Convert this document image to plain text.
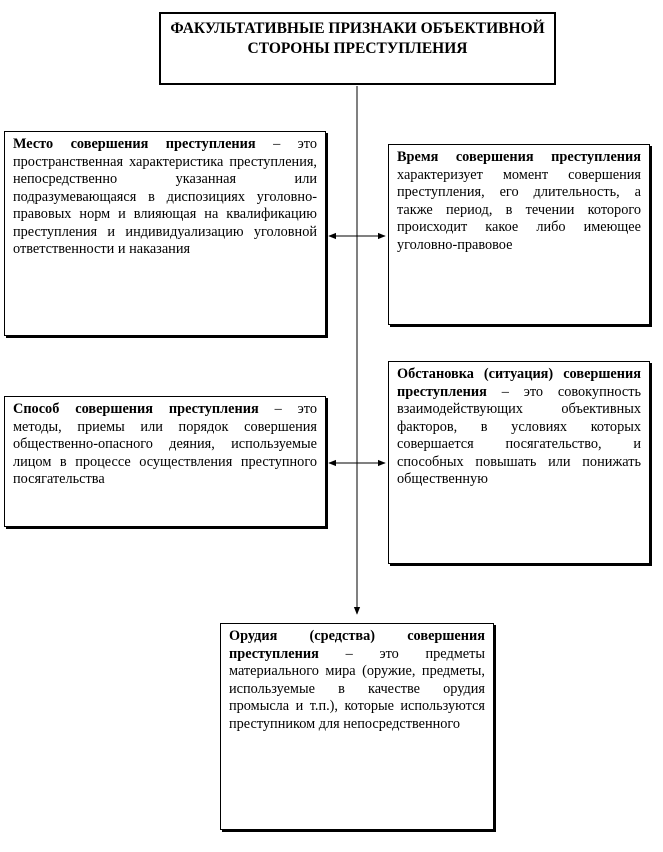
ФАКУЛЬТАТИВНЫЕ ПРИЗНАКИ ОБЪЕКТИВНОЙ СТОРОНЫ ПРЕСТУПЛЕНИЯ
Место совершения преступления – это пространственная характеристика преступления, непосредственно указанная или подразумевающаяся в диспозициях уголовно-правовых норм и влияющая на квалификацию преступления и индивидуализацию уголовной ответственности и наказания
Время совершения преступления характеризует момент совершения преступления, его длительность, а также период, в течении которого происходит какое либо имеющее уголовно-правовое
Способ совершения преступления – это методы, приемы или порядок совершения общественно-опасного деяния, используемые лицом в процессе осуществления преступного посягательства
Обстановка (ситуация) совершения преступления – это совокупность взаимодействующих объективных факторов, в условиях которых совершается посягательство, и способных повышать или понижать общественную
Орудия (средства) совершения преступления – это предметы материального мира (оружие, предметы, используемые в качестве орудия промысла и т.п.), которые используются преступником для непосредственного
